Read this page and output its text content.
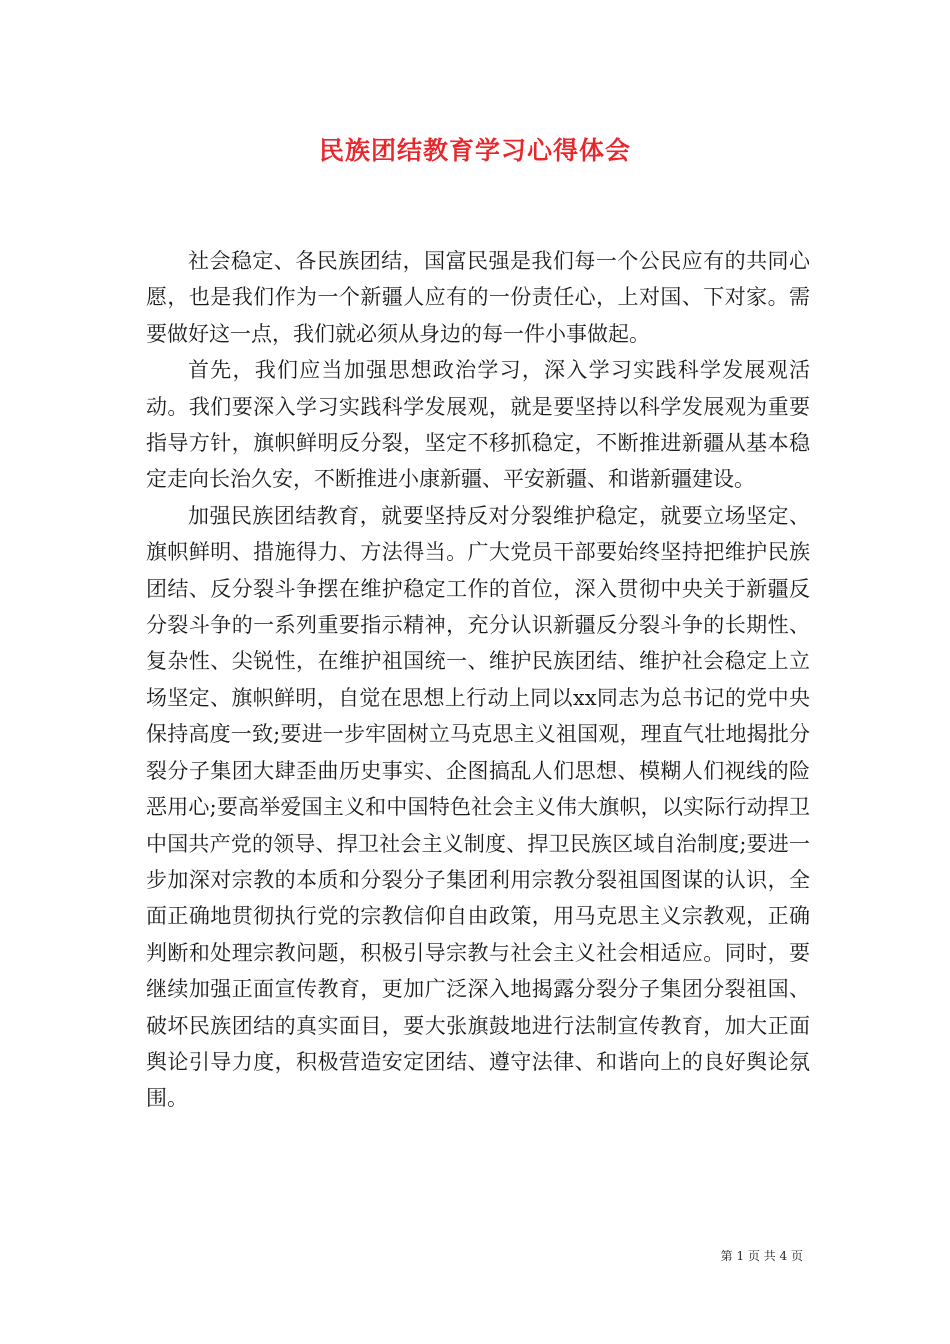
民族团结教育学习心得体会

社会稳定、各民族团结，国富民强是我们每一个公民应有的共同心愿，也是我们作为一个新疆人应有的一份责任心，上对国、下对家。需要做好这一点，我们就必须从身边的每一件小事做起。

首先，我们应当加强思想政治学习，深入学习实践科学发展观活动。我们要深入学习实践科学发展观，就是要坚持以科学发展观为重要指导方针，旗帜鲜明反分裂，坚定不移抓稳定，不断推进新疆从基本稳定走向长治久安，不断推进小康新疆、平安新疆、和谐新疆建设。

加强民族团结教育，就要坚持反对分裂维护稳定，就要立场坚定、旗帜鲜明、措施得力、方法得当。广大党员干部要始终坚持把维护民族团结、反分裂斗争摆在维护稳定工作的首位，深入贯彻中央关于新疆反分裂斗争的一系列重要指示精神，充分认识新疆反分裂斗争的长期性、复杂性、尖锐性，在维护祖国统一、维护民族团结、维护社会稳定上立场坚定、旗帜鲜明，自觉在思想上行动上同以xx同志为总书记的党中央保持高度一致;要进一步牢固树立马克思主义祖国观，理直气壮地揭批分裂分子集团大肆歪曲历史事实、企图搞乱人们思想、模糊人们视线的险恶用心;要高举爱国主义和中国特色社会主义伟大旗帜，以实际行动捍卫中国共产党的领导、捍卫社会主义制度、捍卫民族区域自治制度;要进一步加深对宗教的本质和分裂分子集团利用宗教分裂祖国图谋的认识，全面正确地贯彻执行党的宗教信仰自由政策，用马克思主义宗教观，正确判断和处理宗教问题，积极引导宗教与社会主义社会相适应。同时，要继续加强正面宣传教育，更加广泛深入地揭露分裂分子集团分裂祖国、破坏民族团结的真实面目，要大张旗鼓地进行法制宣传教育，加大正面舆论引导力度，积极营造安定团结、遵守法律、和谐向上的良好舆论氛围。

第 1 页 共 4 页
